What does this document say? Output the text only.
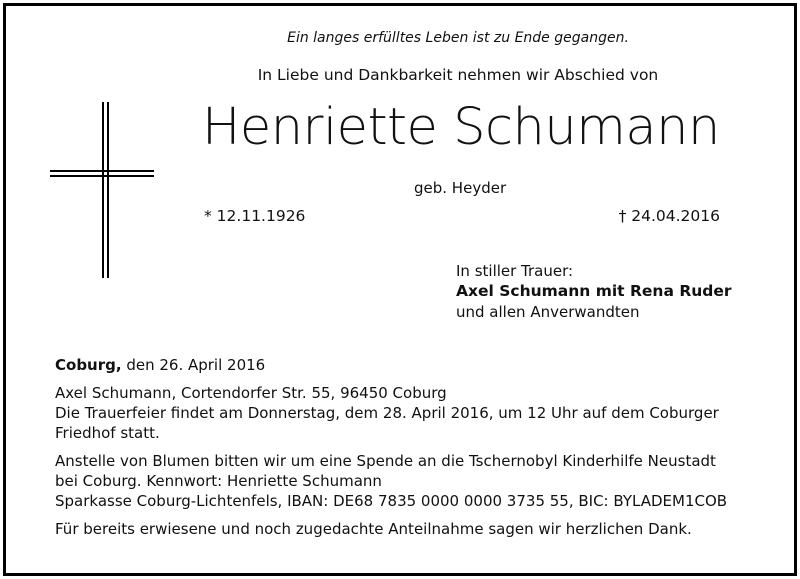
Ein langes erfülltes Leben ist zu Ende gegangen.
In Liebe und Dankbarkeit nehmen wir Abschied von
Henriette Schumann
geb. Heyder
* 12.11.1926	† 24.04.2016
In stiller Trauer:
Axel Schumann mit Rena Ruder
und allen Anverwandten

Coburg, den 26. April 2016

Axel Schumann, Cortendorfer Str. 55, 96450 Coburg

Die Trauerfeier findet am Donnerstag, dem 28. April 2016, um 12 Uhr auf dem Coburger Friedhof statt.

Anstelle von Blumen bitten wir um eine Spende an die Tschernobyl Kinderhilfe Neustadt

bei Coburg. Kennwort: Henriette Schumann

Sparkasse Coburg-Lichtenfels, IBAN: DE68 7835 0000 0000 3735 55, BIC: BYLADEM1COB

Für bereits erwiesene und noch zugedachte Anteilnahme sagen wir herzlichen Dank.
